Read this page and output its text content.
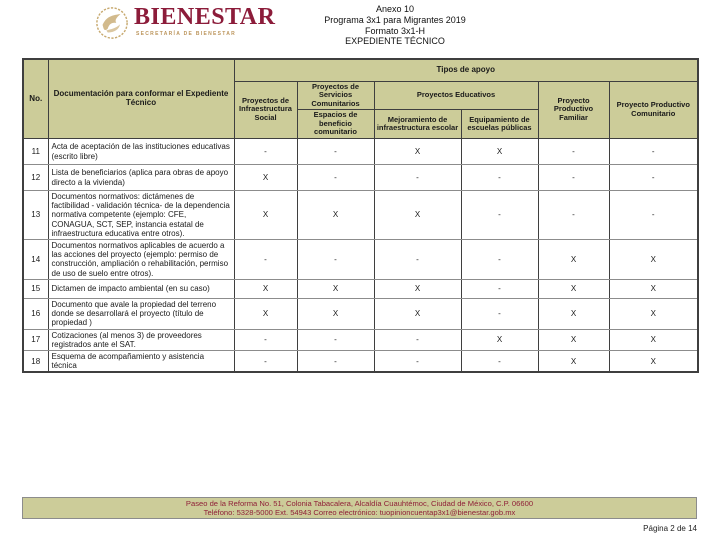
BIENESTAR
SECRETARÍA DE BIENESTAR
Anexo 10
Programa 3x1 para Migrantes 2019
Formato 3x1-H
EXPEDIENTE TÉCNICO
No.	Documentación para conformar el Expediente Técnico	Tipos de apoyo					
		Proyectos de Infraestructura Social	Proyectos de Servicios Comunitarios	Proyectos Educativos		Proyecto Productivo Familiar	Proyecto Productivo Comunitario
			Espacios de beneficio comunitario	Mejoramiento de infraestructura escolar	Equipamiento de escuelas públicas		
11	Acta de aceptación de las instituciones educativas (escrito libre)	-	-	X	X	-	-
12	Lista de beneficiarios (aplica para obras de apoyo directo a la vivienda)	X	-	-	-	-	-
13	Documentos normativos: dictámenes de factibilidad - validación técnica- de la dependencia normativa competente (ejemplo: CFE, CONAGUA, SCT, SEP, instancia estatal de infraestructura educativa entre otros).	X	X	X	-	-	-
14	Documentos normativos aplicables de acuerdo a las acciones del proyecto (ejemplo: permiso de construcción, ampliación o rehabilitación, permiso de uso de suelo entre otros).	-	-	-	-	X	X
15	Dictamen de impacto ambiental (en su caso)	X	X	X	-	X	X
16	Documento que avale la propiedad del terreno donde se desarrollará el proyecto (título de propiedad )	X	X	X	-	X	X
17	Cotizaciones (al menos 3) de proveedores registrados ante el SAT.	-	-	-	X	X	X
18	Esquema de acompañamiento y asistencia técnica	-	-	-	-	X	X
Paseo de la Reforma No. 51, Colonia Tabacalera, Alcaldía Cuauhtémoc, Ciudad de México, C.P. 06600
Teléfono: 5328-5000 Ext. 54943 Correo electrónico: tuopinioncuentap3x1@bienestar.gob.mx
Página 2 de 14
